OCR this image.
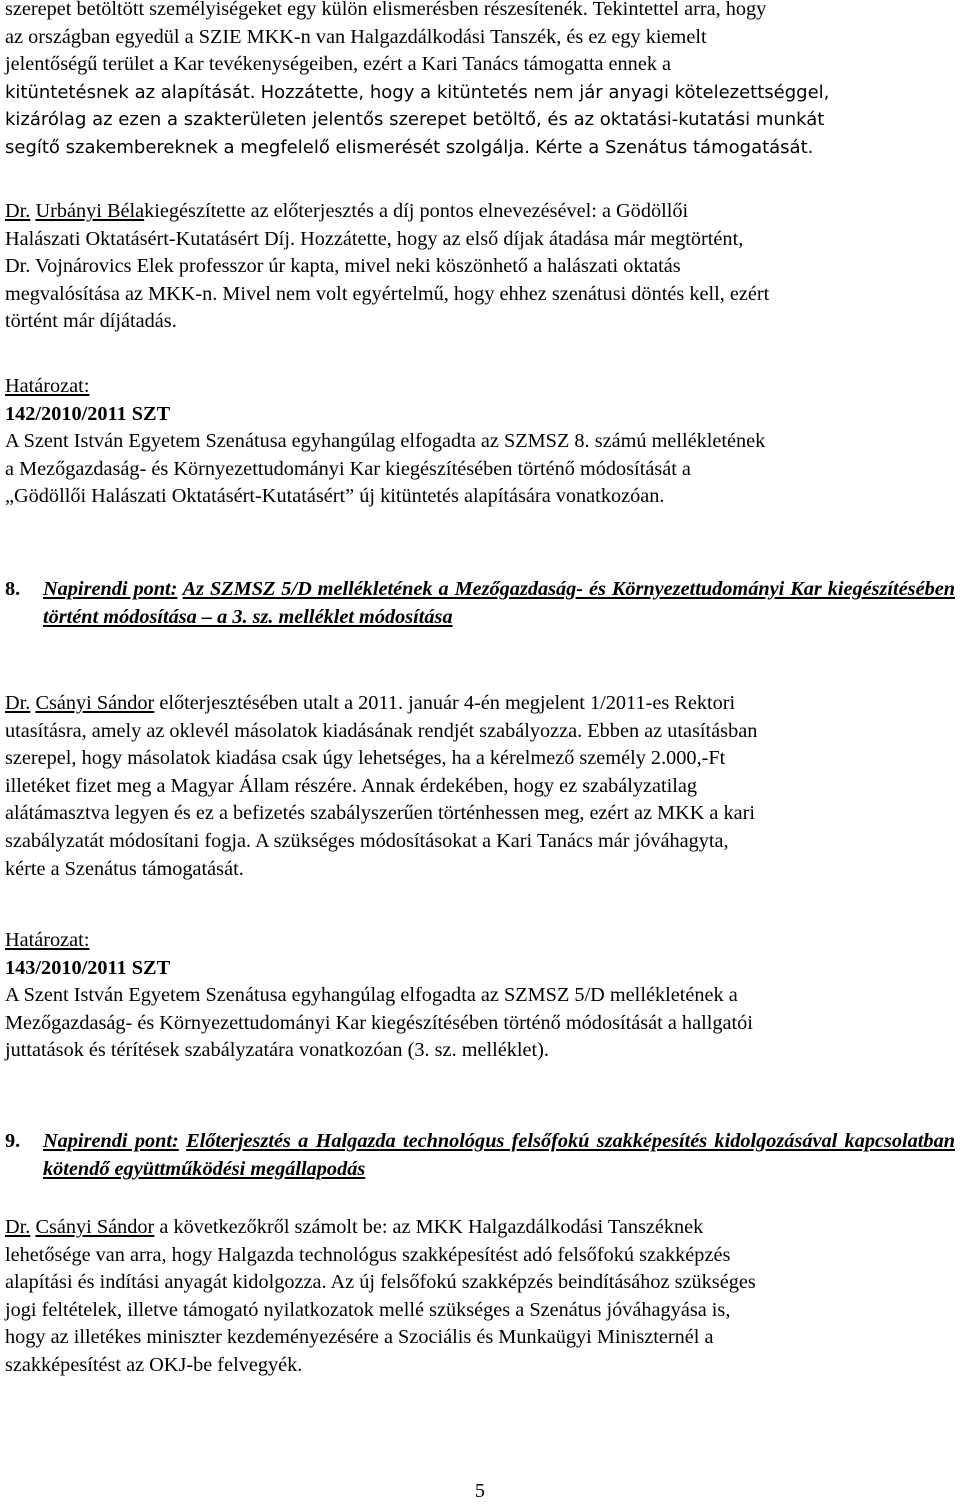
szerepet betöltött személyiségeket egy külön elismerésben részesítenék. Tekintettel arra, hogy

az országban egyedül a SZIE MKK-n van Halgazdálkodási Tanszék, és ez egy kiemelt

jelentőségű terület a Kar tevékenységeiben, ezért a Kari Tanács támogatta ennek a

kitüntetésnek az alapítását. Hozzátette, hogy a kitüntetés nem jár anyagi kötelezettséggel,

kizárólag az ezen a szakterületen jelentős szerepet betöltő, és az oktatási-kutatási munkát

segítő szakembereknek a megfelelő elismerését szolgálja. Kérte a Szenátus támogatását.

Dr. Urbányi Bélakiegészítette az előterjesztés a díj pontos elnevezésével: a Gödöllői

Halászati Oktatásért-Kutatásért Díj. Hozzátette, hogy az első díjak átadása már megtörtént,

Dr. Vojnárovics Elek professzor úr kapta, mivel neki köszönhető a halászati oktatás

megvalósítása az MKK-n. Mivel nem volt egyértelmű, hogy ehhez szenátusi döntés kell, ezért

történt már díjátadás.

Határozat:

142/2010/2011 SZT

A Szent István Egyetem Szenátusa egyhangúlag elfogadta az SZMSZ 8. számú mellékletének

a Mezőgazdaság- és Környezettudományi Kar kiegészítésében történő módosítását a

„Gödöllői Halászati Oktatásért-Kutatásért” új kitüntetés alapítására vonatkozóan.

8. Napirendi pont: Az SZMSZ 5/D mellékletének a Mezőgazdaság- és Környezettudományi Kar kiegészítésében történt módosítása – a 3. sz. melléklet módosítása

Dr. Csányi Sándor előterjesztésében utalt a 2011. január 4-én megjelent 1/2011-es Rektori

utasításra, amely az oklevél másolatok kiadásának rendjét szabályozza. Ebben az utasításban

szerepel, hogy másolatok kiadása csak úgy lehetséges, ha a kérelmező személy 2.000,-Ft

illetéket fizet meg a Magyar Állam részére. Annak érdekében, hogy ez szabályzatilag

alátámasztva legyen és ez a befizetés szabályszerűen történhessen meg, ezért az MKK a kari

szabályzatát módosítani fogja. A szükséges módosításokat a Kari Tanács már jóváhagyta,

kérte a Szenátus támogatását.

Határozat:

143/2010/2011 SZT

A Szent István Egyetem Szenátusa egyhangúlag elfogadta az SZMSZ 5/D mellékletének a

Mezőgazdaság- és Környezettudományi Kar kiegészítésében történő módosítását a hallgatói

juttatások és térítések szabályzatára vonatkozóan (3. sz. melléklet).

9. Napirendi pont: Előterjesztés a Halgazda technológus felsőfokú szakképesítés kidolgozásával kapcsolatban kötendő együttműködési megállapodás

Dr. Csányi Sándor a következőkről számolt be: az MKK Halgazdálkodási Tanszéknek

lehetősége van arra, hogy Halgazda technológus szakképesítést adó felsőfokú szakképzés

alapítási és indítási anyagát kidolgozza. Az új felsőfokú szakképzés beindításához szükséges

jogi feltételek, illetve támogató nyilatkozatok mellé szükséges a Szenátus jóváhagyása is,

hogy az illetékes miniszter kezdeményezésére a Szociális és Munkaügyi Miniszternél a

szakképesítést az OKJ-be felvegyék.

5
